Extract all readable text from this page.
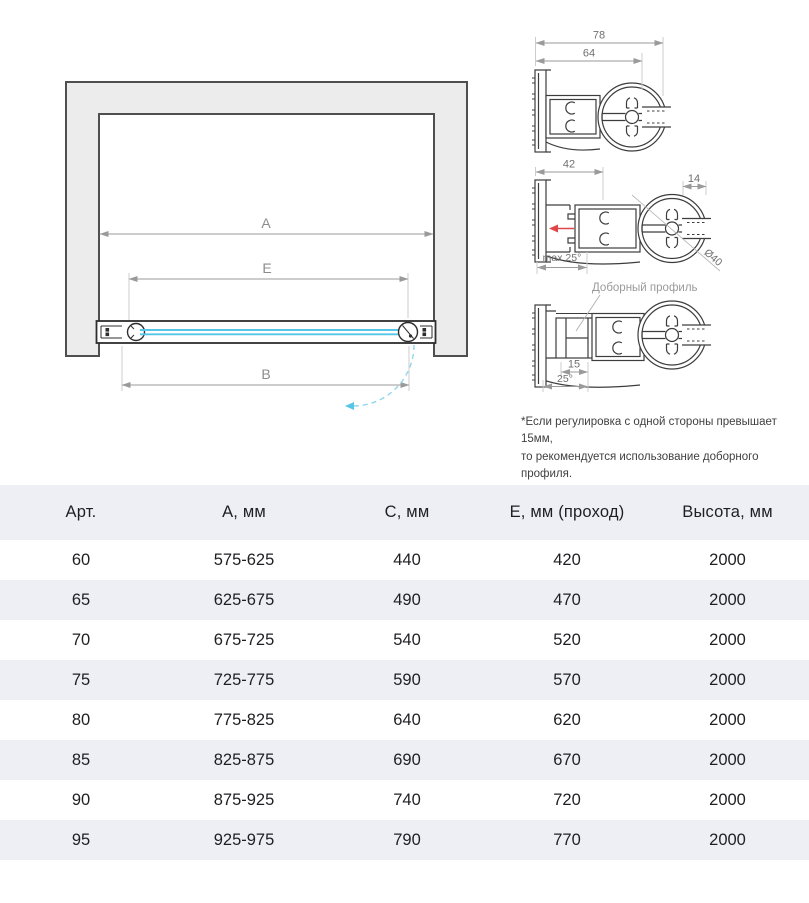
A
E
B
78
64
42
14
Ø40
max 25°
Доборный профиль
15
25°
*Если регулировка с одной стороны превышает 15мм,
то рекомендуется использование доборного профиля.
Арт.	А, мм	С, мм	Е, мм (проход)	Высота, мм
60	575-625	440	420	2000
65	625-675	490	470	2000
70	675-725	540	520	2000
75	725-775	590	570	2000
80	775-825	640	620	2000
85	825-875	690	670	2000
90	875-925	740	720	2000
95	925-975	790	770	2000
